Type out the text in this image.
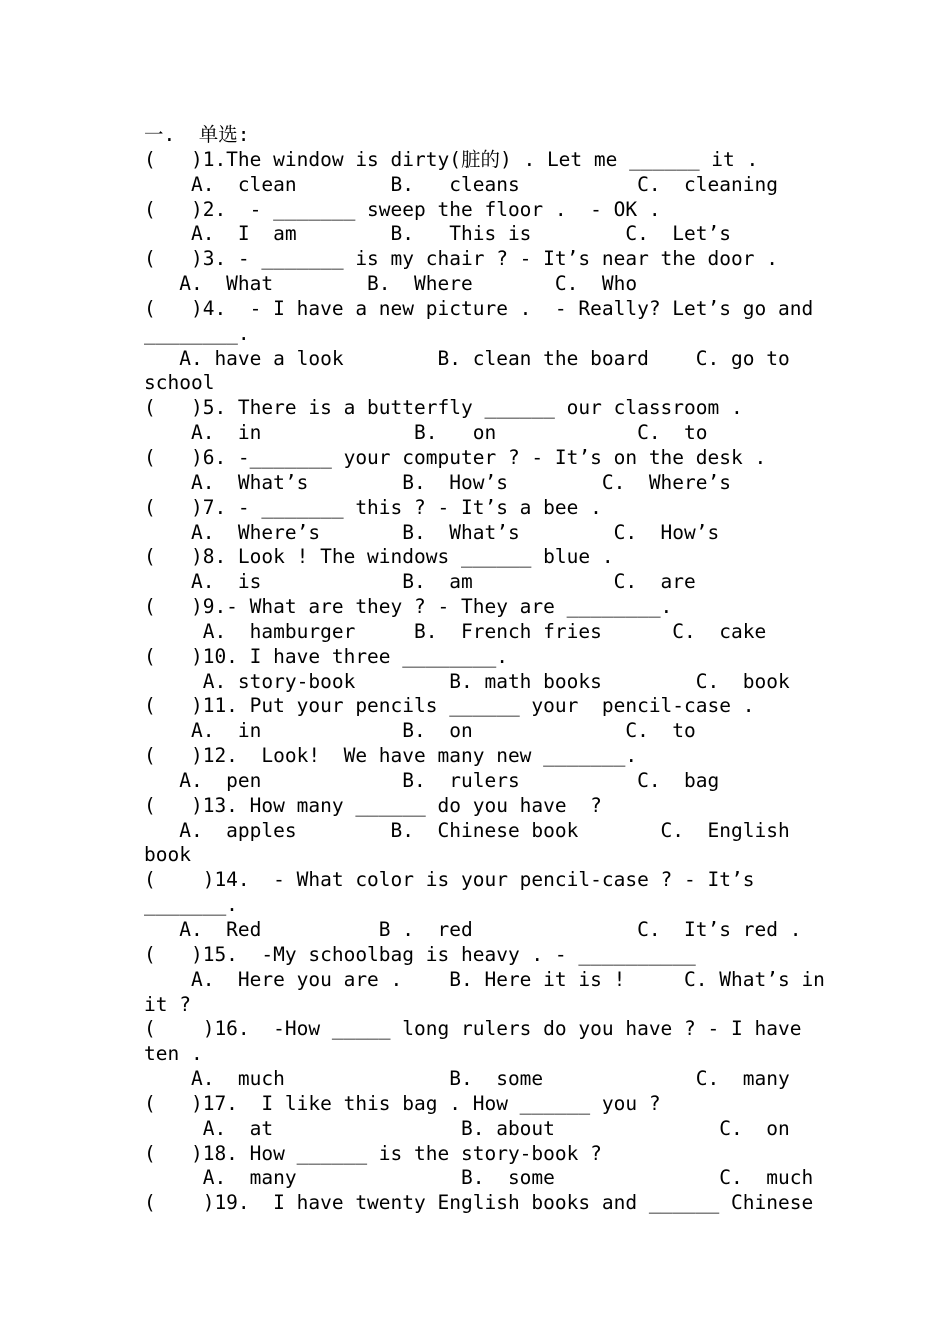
一.  单选:
(   )1.The window is dirty(脏的) . Let me ______ it .
A.  clean        B.   cleans          C.  cleaning
(   )2.  - _______ sweep the floor .  - OK .
A.  I  am        B.   This is        C.  Let’s
(   )3. - _______ is my chair ? - It’s near the door .
A.  What        B.  Where       C.  Who
(   )4.  - I have a new picture .  - Really? Let’s go and
________.
A. have a look        B. clean the board    C. go to
school
(   )5. There is a butterfly ______ our classroom .
A.  in             B.   on            C.  to
(   )6. -_______ your computer ? - It’s on the desk .
A.  What’s        B.  How’s        C.  Where’s
(   )7. - _______ this ? - It’s a bee .
A.  Where’s       B.  What’s        C.  How’s
(   )8. Look ! The windows ______ blue .
A.  is            B.  am            C.  are
(   )9.- What are they ? - They are ________.
A.  hamburger     B.  French fries      C.  cake
(   )10. I have three ________.
A. story-book        B. math books        C.  book
(   )11. Put your pencils ______ your  pencil-case .
A.  in            B.  on             C.  to
(   )12.  Look!  We have many new _______.
A.  pen            B.  rulers          C.  bag
(   )13. How many ______ do you have  ?
A.  apples        B.  Chinese book       C.  English
book
(    )14.  - What color is your pencil-case ? - It’s
_______.
A.  Red          B .  red              C.  It’s red .
(   )15.  -My schoolbag is heavy . - __________
A.  Here you are .    B. Here it is !     C. What’s in
it ?
(    )16.  -How _____ long rulers do you have ? - I have
ten .
A.  much              B.  some             C.  many
(   )17.  I like this bag . How ______ you ?
A.  at                B. about              C.  on
(   )18. How ______ is the story-book ?
A.  many              B.  some              C.  much
(    )19.  I have twenty English books and ______ Chinese
